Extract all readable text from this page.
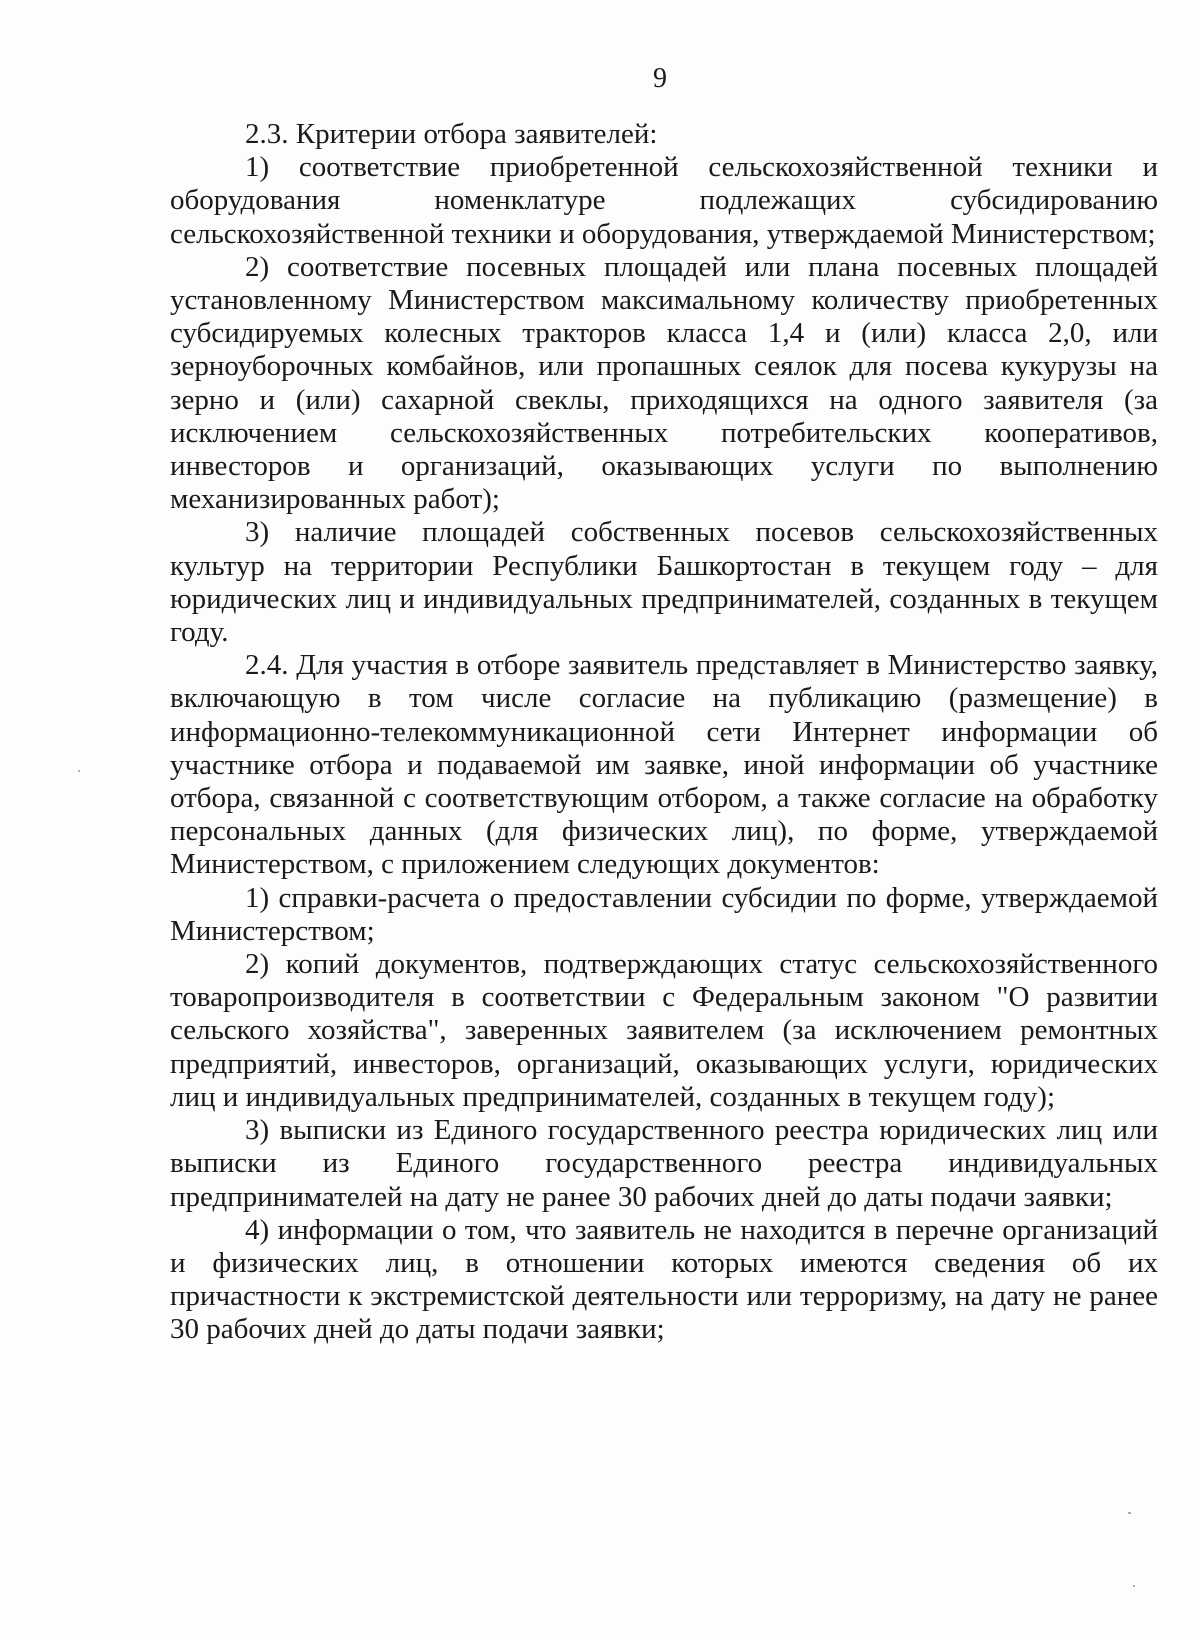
9

2.3. Критерии отбора заявителей:

1) соответствие приобретенной сельскохозяйственной техники и оборудования номенклатуре подлежащих субсидированию сельскохозяйственной техники и оборудования, утверждаемой Министерством;

2) соответствие посевных площадей или плана посевных площадей установленному Министерством максимальному количеству приобретенных субсидируемых колесных тракторов класса 1,4 и (или) класса 2,0, или зерноуборочных комбайнов, или пропашных сеялок для посева кукурузы на зерно и (или) сахарной свеклы, приходящихся на одного заявителя (за исключением сельскохозяйственных потребительских кооперативов, инвесторов и организаций, оказывающих услуги по выполнению механизированных работ);

3) наличие площадей собственных посевов сельскохозяйственных культур на территории Республики Башкортостан в текущем году – для юридических лиц и индивидуальных предпринимателей, созданных в текущем году.

2.4. Для участия в отборе заявитель представляет в Министерство заявку, включающую в том числе согласие на публикацию (размещение) в информационно-телекоммуникационной сети Интернет информации об участнике отбора и подаваемой им заявке, иной информации об участнике отбора, связанной с соответствующим отбором, а также согласие на обработку персональных данных (для физических лиц), по форме, утверждаемой Министерством, с приложением следующих документов:

1) справки-расчета о предоставлении субсидии по форме, утверждаемой Министерством;

2) копий документов, подтверждающих статус сельскохозяйственного товаропроизводителя в соответствии с Федеральным законом "О развитии сельского хозяйства", заверенных заявителем (за исключением ремонтных предприятий, инвесторов, организаций, оказывающих услуги, юридических лиц и индивидуальных предпринимателей, созданных в текущем году);

3) выписки из Единого государственного реестра юридических лиц или выписки из Единого государственного реестра индивидуальных предпринимателей на дату не ранее 30 рабочих дней до даты подачи заявки;

4) информации о том, что заявитель не находится в перечне организаций и физических лиц, в отношении которых имеются сведения об их причастности к экстремистской деятельности или терроризму, на дату не ранее 30 рабочих дней до даты подачи заявки;
